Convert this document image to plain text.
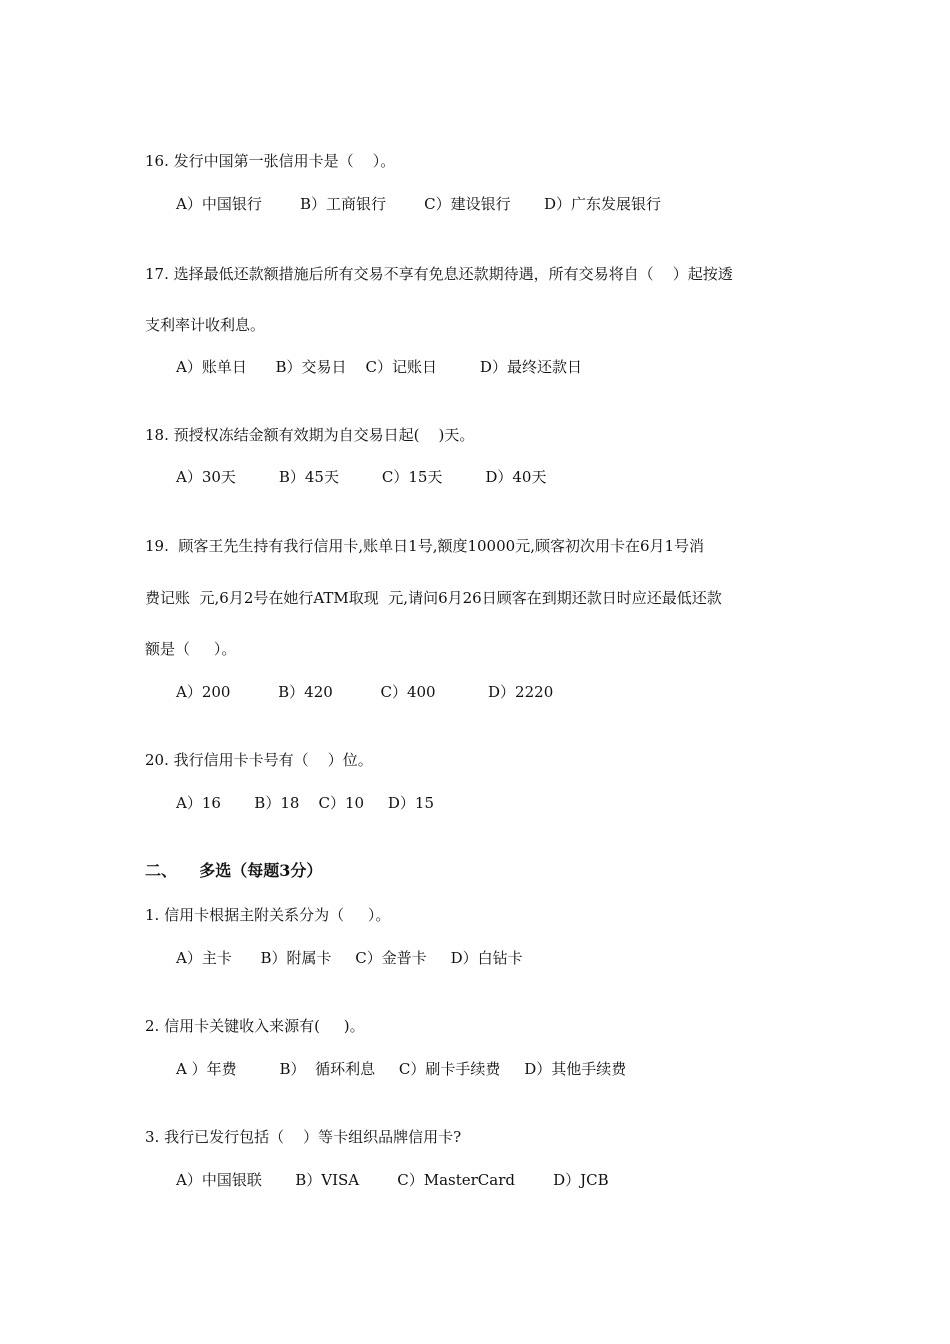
16. 发行中国第一张信用卡是（    ）。
A）中国银行        B）工商银行        C）建设银行       D）广东发展银行
17. 选择最低还款额措施后所有交易不享有免息还款期待遇，所有交易将自（    ）起按透
支利率计收利息。
A）账单日      B）交易日    C）记账日         D）最终还款日
18. 预授权冻结金额有效期为自交易日起(    )天。
A）30天         B）45天         C）15天         D）40天
19.  顾客王先生持有我行信用卡,账单日1号,额度10000元,顾客初次用卡在6月1号消
费记账  元,6月2号在她行ATM取现  元,请问6月26日顾客在到期还款日时应还最低还款
额是（     ）。
A）200          B）420          C）400           D）2220
20. 我行信用卡卡号有（    ）位。
A）16       B）18    C）10     D）15
二、    多选（每题3分）
1. 信用卡根据主附关系分为（     ）。
A）主卡      B）附属卡     C）金普卡     D）白钻卡
2. 信用卡关键收入来源有(     )。
A ）年费         B）  循环利息     C）刷卡手续费     D）其他手续费
3. 我行已发行包括（    ）等卡组织品牌信用卡?
A）中国银联       B）VISA        C）MasterCard        D）JCB
